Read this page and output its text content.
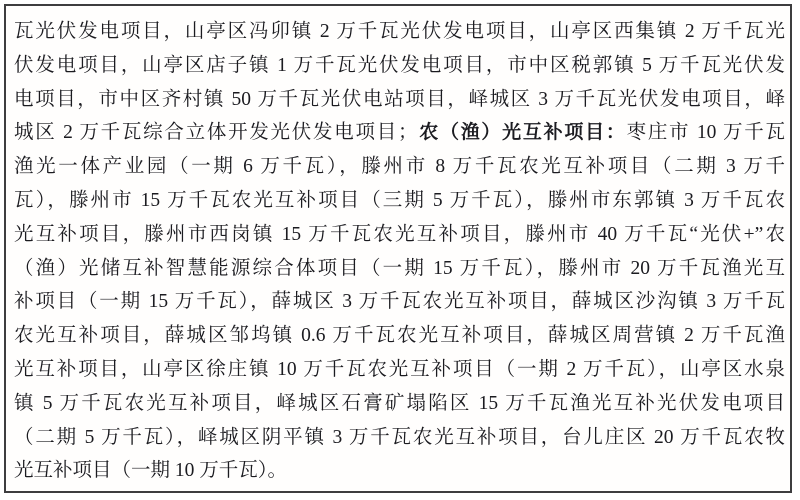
瓦光伏发电项目，山亭区冯卯镇 2 万千瓦光伏发电项目，山亭区西集镇 2 万千瓦光
伏发电项目，山亭区店子镇 1 万千瓦光伏发电项目，市中区税郭镇 5 万千瓦光伏发
电项目，市中区齐村镇 50 万千瓦光伏电站项目，峄城区 3 万千瓦光伏发电项目，峄
城区 2 万千瓦综合立体开发光伏发电项目；农（渔）光互补项目：枣庄市 10 万千瓦
渔光一体产业园（一期 6 万千瓦），滕州市 8 万千瓦农光互补项目（二期 3 万千
瓦），滕州市 15 万千瓦农光互补项目（三期 5 万千瓦），滕州市东郭镇 3 万千瓦农
光互补项目，滕州市西岗镇 15 万千瓦农光互补项目，滕州市 40 万千瓦“光伏+”农
（渔）光储互补智慧能源综合体项目（一期 15 万千瓦），滕州市 20 万千瓦渔光互
补项目（一期 15 万千瓦），薛城区 3 万千瓦农光互补项目，薛城区沙沟镇 3 万千瓦
农光互补项目，薛城区邹坞镇 0.6 万千瓦农光互补项目，薛城区周营镇 2 万千瓦渔
光互补项目，山亭区徐庄镇 10 万千瓦农光互补项目（一期 2 万千瓦），山亭区水泉
镇 5 万千瓦农光互补项目，峄城区石膏矿塌陷区 15 万千瓦渔光互补光伏发电项目
（二期 5 万千瓦），峄城区阴平镇 3 万千瓦农光互补项目，台儿庄区 20 万千瓦农牧
光互补项目（一期 10 万千瓦）。
